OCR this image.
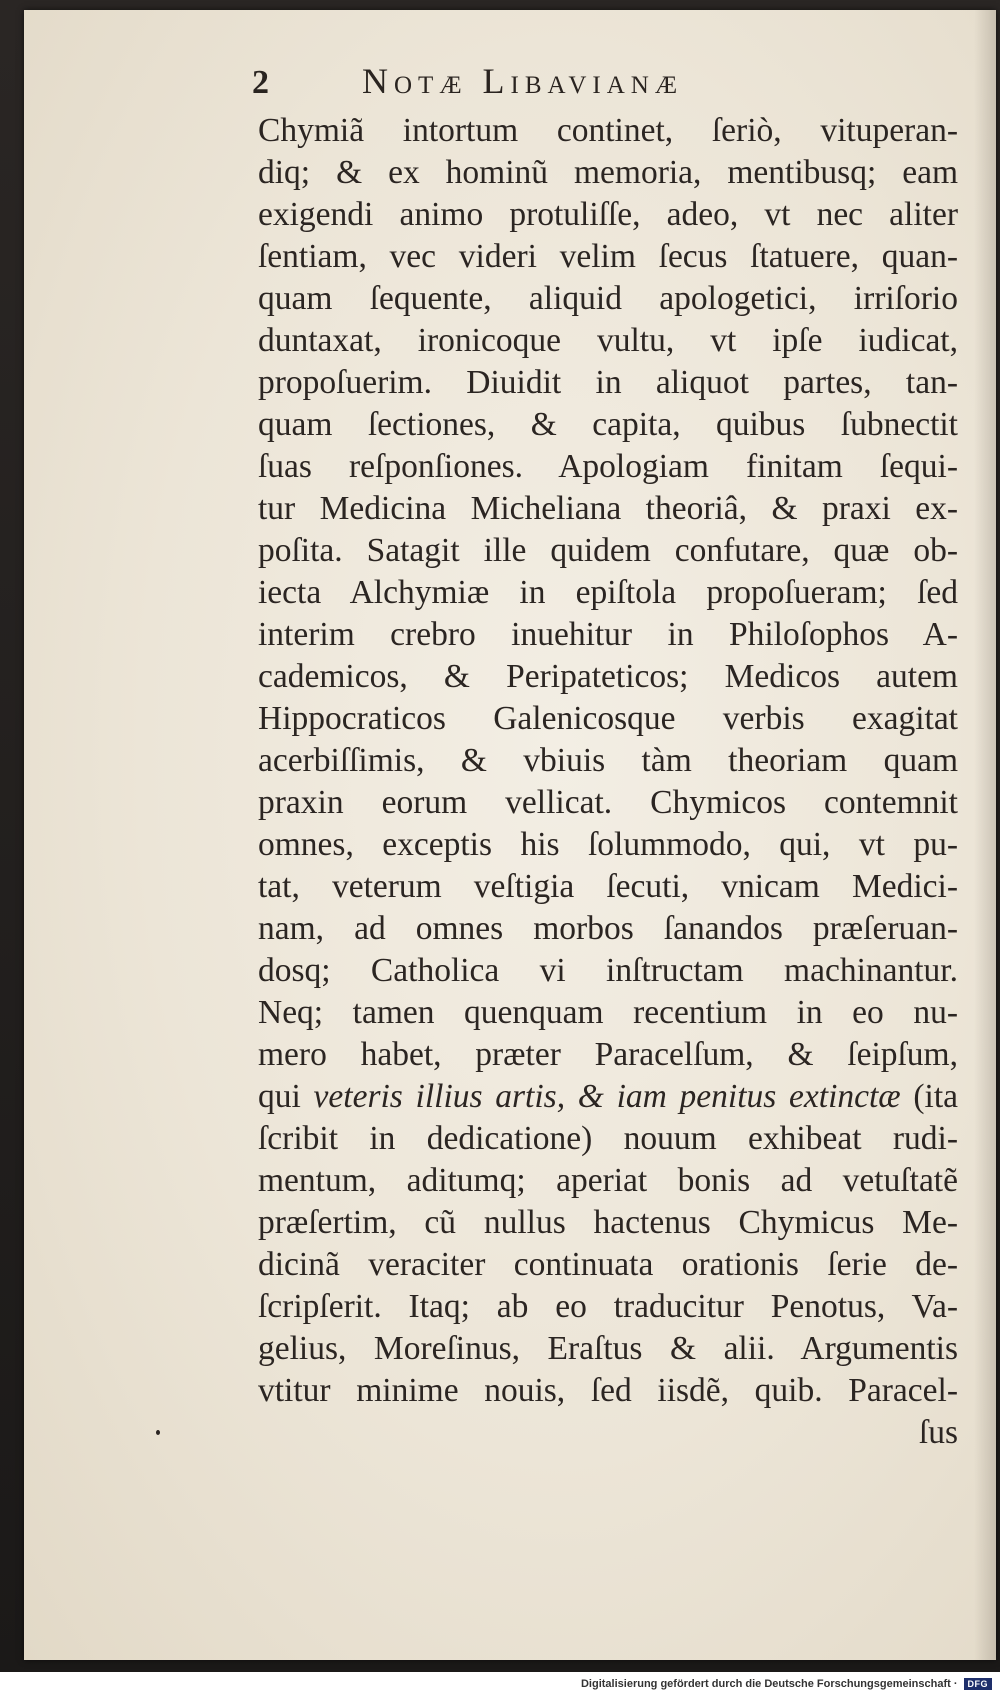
2	Notæ Libavianæ
Chymiã intortum continet, ſeriò, vituperan-
diq; & ex hominũ memoria, mentibusq; eam
exigendi animo protuliſſe, adeo, vt nec aliter
ſentiam, vec videri velim ſecus ſtatuere, quan-
quam ſequente, aliquid apologetici, irriſorio
duntaxat, ironicoque vultu, vt ipſe iudicat,
propoſuerim. Diuidit in aliquot partes, tan-
quam ſectiones, & capita, quibus ſubnectit
ſuas reſponſiones. Apologiam finitam ſequi-
tur Medicina Micheliana theoriâ, & praxi ex-
poſita. Satagit ille quidem confutare, quæ ob-
iecta Alchymiæ in epiſtola propoſueram; ſed
interim crebro inuehitur in Philoſophos A-
cademicos, & Peripateticos; Medicos autem
Hippocraticos Galenicosque verbis exagitat
acerbiſſimis, & vbiuis tàm theoriam quam
praxin eorum vellicat. Chymicos contemnit
omnes, exceptis his ſolummodo, qui, vt pu-
tat, veterum veſtigia ſecuti, vnicam Medici-
nam, ad omnes morbos ſanandos præſeruan-
dosq; Catholica vi inſtructam machinantur.
Neq; tamen quenquam recentium in eo nu-
mero habet, præter Paracelſum, & ſeipſum,
qui veteris illius artis, & iam penitus extinctæ (ita
ſcribit in dedicatione) nouum exhibeat rudi-
mentum, aditumq; aperiat bonis ad vetuſtatẽ
præſertim, cũ nullus hactenus Chymicus Me-
dicinã veraciter continuata orationis ſerie de-
ſcripſerit. Itaq; ab eo traducitur Penotus, Va-
gelius, Moreſinus, Eraſtus & alii. Argumentis
vtitur minime nouis, ſed iisdẽ, quib. Paracel-
ſus
Digitalisierung gefördert durch die Deutsche Forschungsgemeinschaft ·	DFG
